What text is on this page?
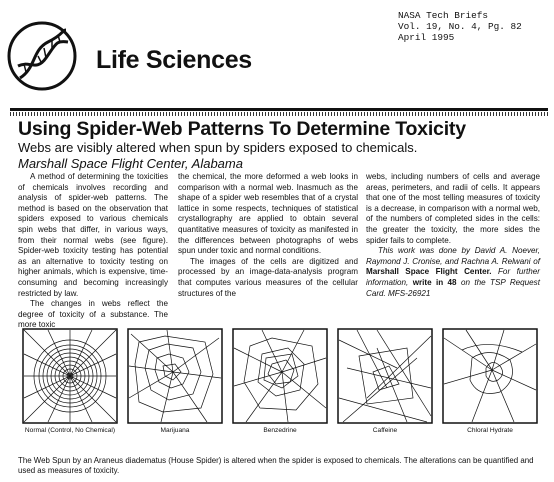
Life Sciences
NASA Tech Briefs
Vol. 19, No. 4, Pg. 82
April 1995
Using Spider-Web Patterns To Determine Toxicity
Webs are visibly altered when spun by spiders exposed to chemicals.
Marshall Space Flight Center, Alabama

A method of determining the toxicities of chemicals involves recording and analysis of spider-web patterns. The method is based on the observation that spiders exposed to various chemicals spin webs that differ, in various ways, from their normal webs (see figure). Spider-web toxicity testing has potential as an alternative to toxicity testing on higher animals, which is expensive, time-consuming and becoming increasingly restricted by law.

The changes in webs reflect the degree of toxicity of a substance. The more toxic

the chemical, the more deformed a web looks in comparison with a normal web. Inasmuch as the shape of a spider web resembles that of a crystal lattice in some respects, techniques of statistical crystallography are applied to obtain several quantitative measures of toxicity as manifested in the differences between photographs of webs spun under toxic and normal conditions.

The images of the cells are digitized and processed by an image-data-analysis program that computes various measures of the cellular structures of the

webs, including numbers of cells and average areas, perimeters, and radii of cells. It appears that one of the most telling measures of toxicity is a decrease, in comparison with a normal web, of the numbers of completed sides in the cells: the greater the toxicity, the more sides the spider fails to complete.

This work was done by David A. Noever, Raymond J. Cronise, and Rachna A. Relwani of Marshall Space Flight Center. For further information, write in 48 on the TSP Request Card. MFS-26921

Normal (Control, No Chemical)	Marijuana	Benzedrine	Caffeine	Chloral Hydrate
The Web Spun by an Araneus diadematus (House Spider) is altered when the spider is exposed to chemicals. The alterations can be quantified and used as measures of toxicity.
